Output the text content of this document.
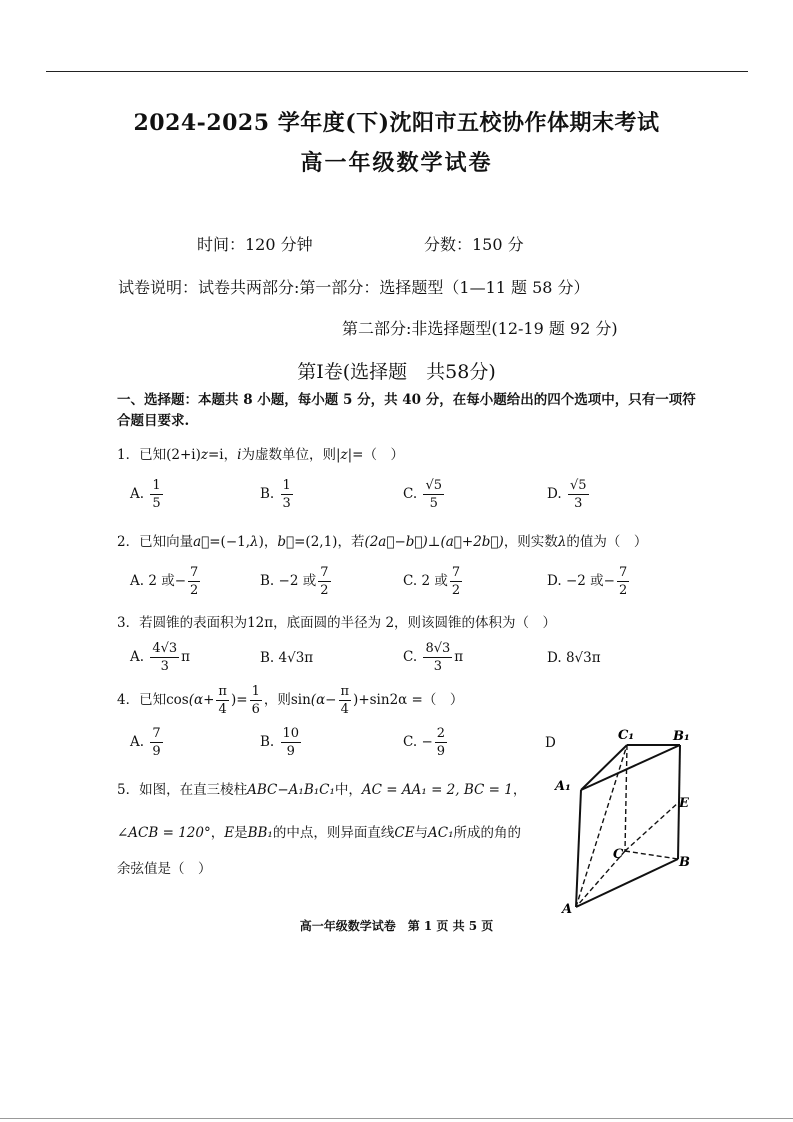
2024-2025 学年度(下)沈阳市五校协作体期末考试
高一年级数学试卷
时间：120 分钟	分数：150 分
试卷说明：试卷共两部分:第一部分：选择题型（1—11 题 58 分）
第二部分:非选择题型(12-19 题 92 分)
第Ⅰ卷(选择题　共58分)
一、选择题：本题共 8 小题，每小题 5 分，共 40 分，在每小题给出的四个选项中，只有一项符合题目要求.
1．已知(2+i)z=i，i为虚数单位，则|z|=（　）
A. $\frac{1}{5}$	B. $\frac{1}{3}$	C. $\frac{√5}{5}$	D. $\frac{√5}{3}$
2．已知向量a⃗=(−1,λ)，b⃗=(2,1)，若(2a⃗−b⃗)⊥(a⃗+2b⃗)，则实数λ的值为（　）
A. 2 或− $\frac{7}{2}$	B. −2 或 $\frac{7}{2}$	C. 2 或 $\frac{7}{2}$	D. −2 或− $\frac{7}{2}$
3．若圆锥的表面积为12π，底面圆的半径为 2，则该圆锥的体积为（　）
A. $\frac{4√3}{3}$ π	B. 4√3π	C. $\frac{8√3}{3}$ π	D. 8√3π
4．已知$\cos(\alpha+ \frac{\pi}{4}$ )= $\frac{1}{6}$ ，则$\sin(\alpha- \frac{\pi}{4} )+\sin 2\alpha$ =（　）
A. $\frac{7}{9}$	B. $\frac{10}{9}$	C. − $\frac{2}{9}$	D
5．如图，在直三棱柱ABC−A₁B₁C₁中，AC = AA₁ = 2, BC = 1，
∠ACB = 120°，E是BB₁的中点，则异面直线CE与AC₁所成的角的
余弦值是（　）
C₁	B₁
A₁
E
C
B
A
高一年级数学试卷　第 1 页 共 5 页
